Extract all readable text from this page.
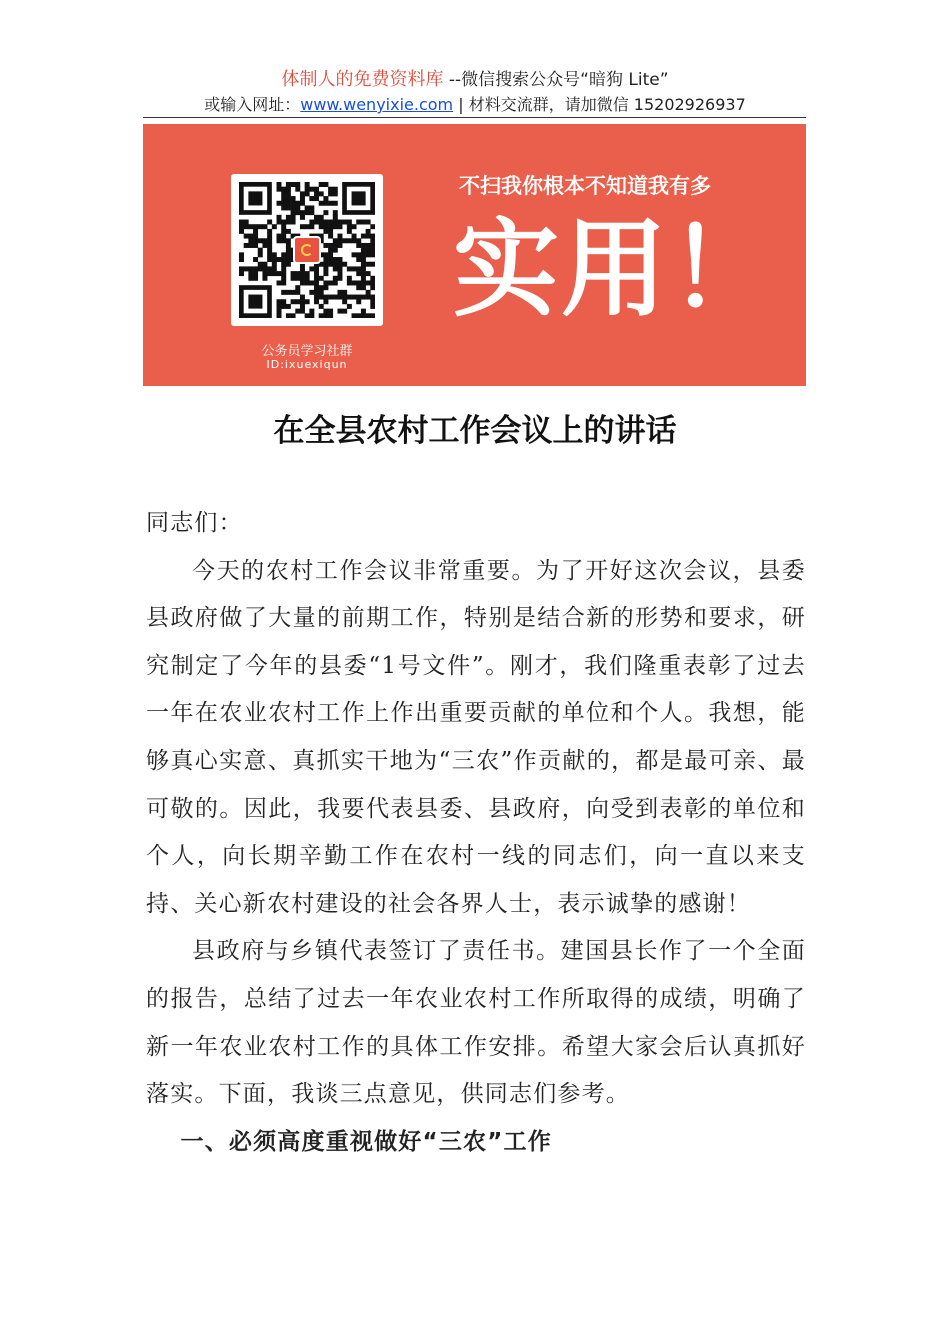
体制人的免费资料库 --微信搜索公众号“暗狗 Lite”
或输入网址：www.wenyixie.com | 材料交流群，请加微信 15202926937
公务员学习社群
ID:ixuexiqun
不扫我你根本不知道我有多
实用！
在全县农村工作会议上的讲话

同志们：

今天的农村工作会议非常重要。为了开好这次会议，县委县政府做了大量的前期工作，特别是结合新的形势和要求，研究制定了今年的县委“1号文件”。刚才，我们隆重表彰了过去一年在农业农村工作上作出重要贡献的单位和个人。我想，能够真心实意、真抓实干地为“三农”作贡献的，都是最可亲、最可敬的。因此，我要代表县委、县政府，向受到表彰的单位和个人，向长期辛勤工作在农村一线的同志们，向一直以来支持、关心新农村建设的社会各界人士，表示诚挚的感谢！

县政府与乡镇代表签订了责任书。建国县长作了一个全面的报告，总结了过去一年农业农村工作所取得的成绩，明确了新一年农业农村工作的具体工作安排。希望大家会后认真抓好落实。下面，我谈三点意见，供同志们参考。

一、必须高度重视做好“三农”工作
